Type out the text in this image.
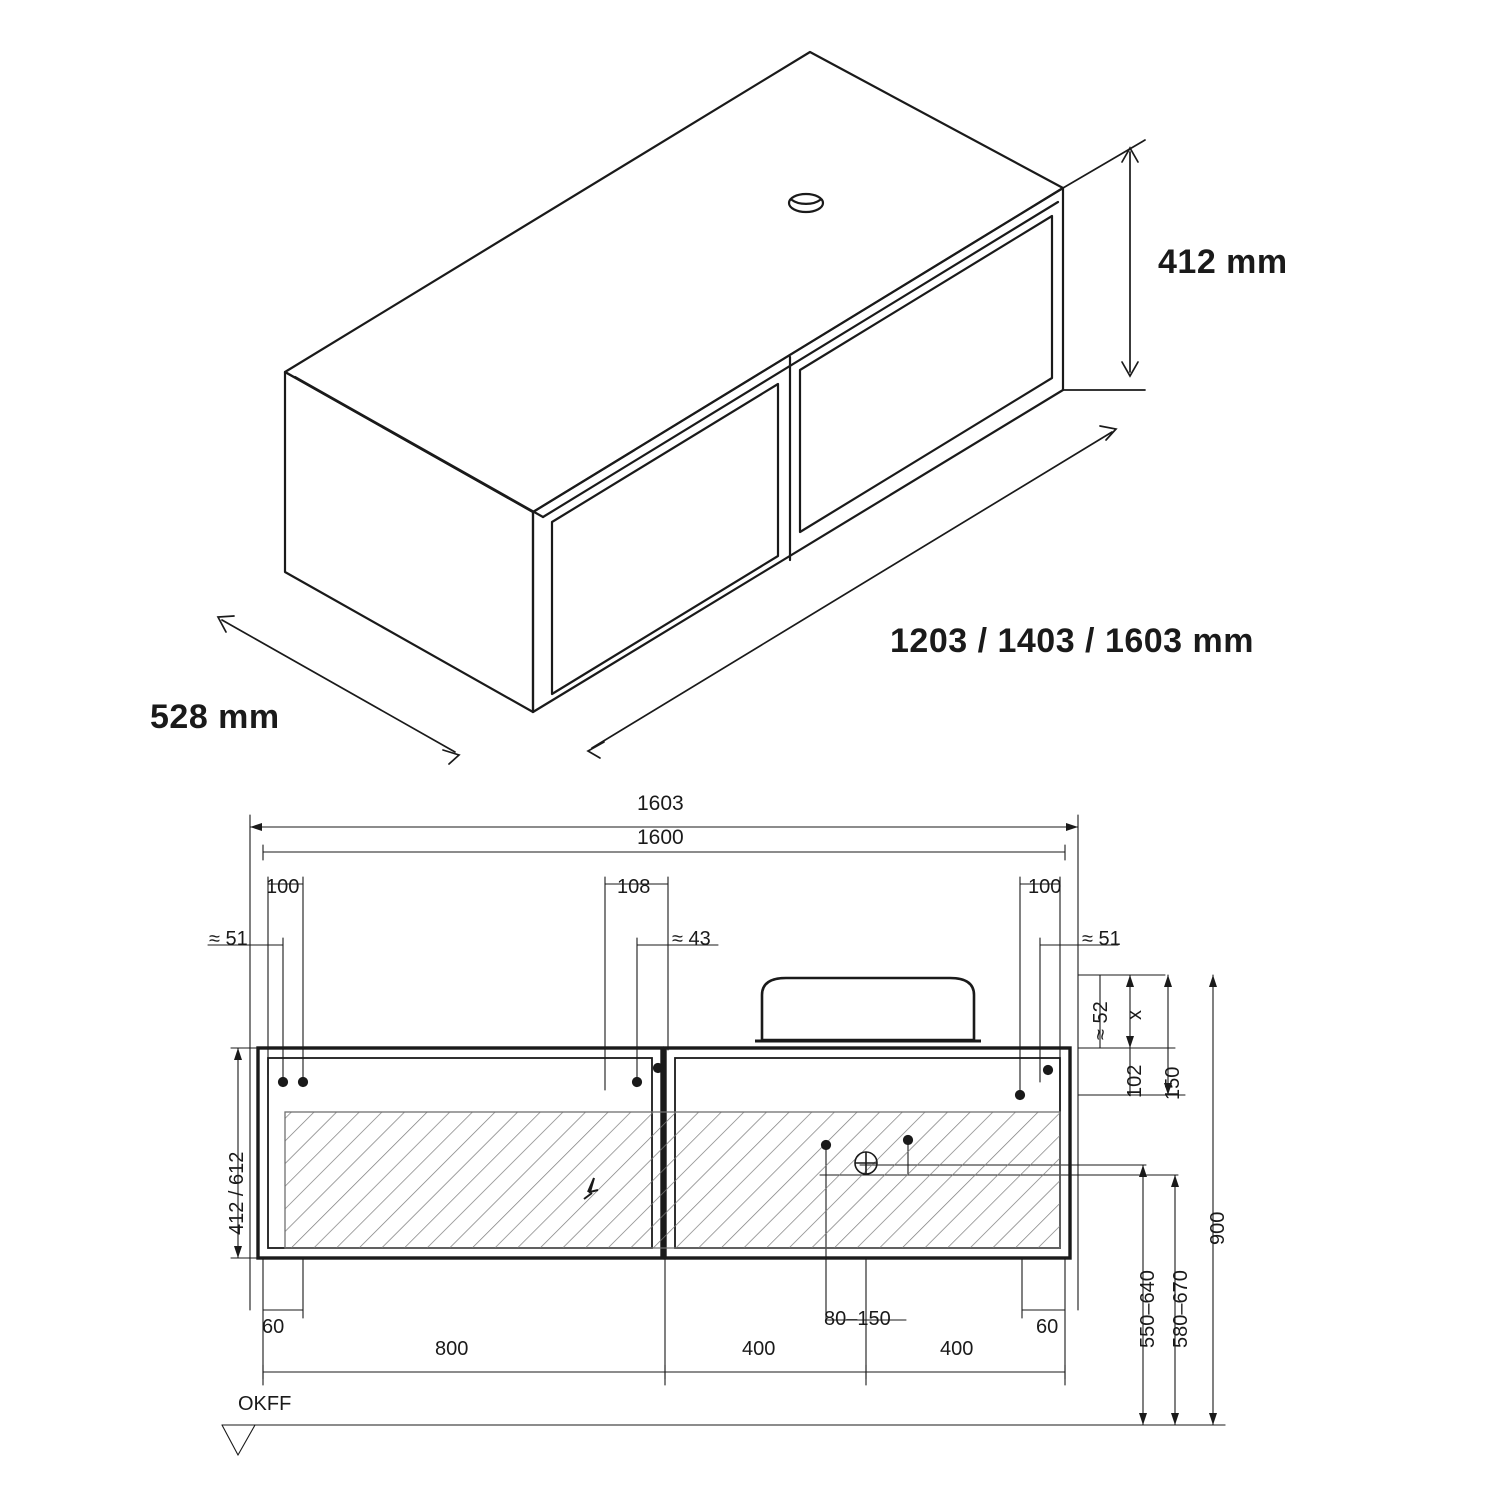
412 mm
1203 / 1403 / 1603 mm
528 mm
1603
1600
100	108	100
≈ 51	≈ 43	≈ 51
≈ 52 x
102 150
900
550–640 580–670
412 / 612
60	60
800	400	400
80–150
OKFF
